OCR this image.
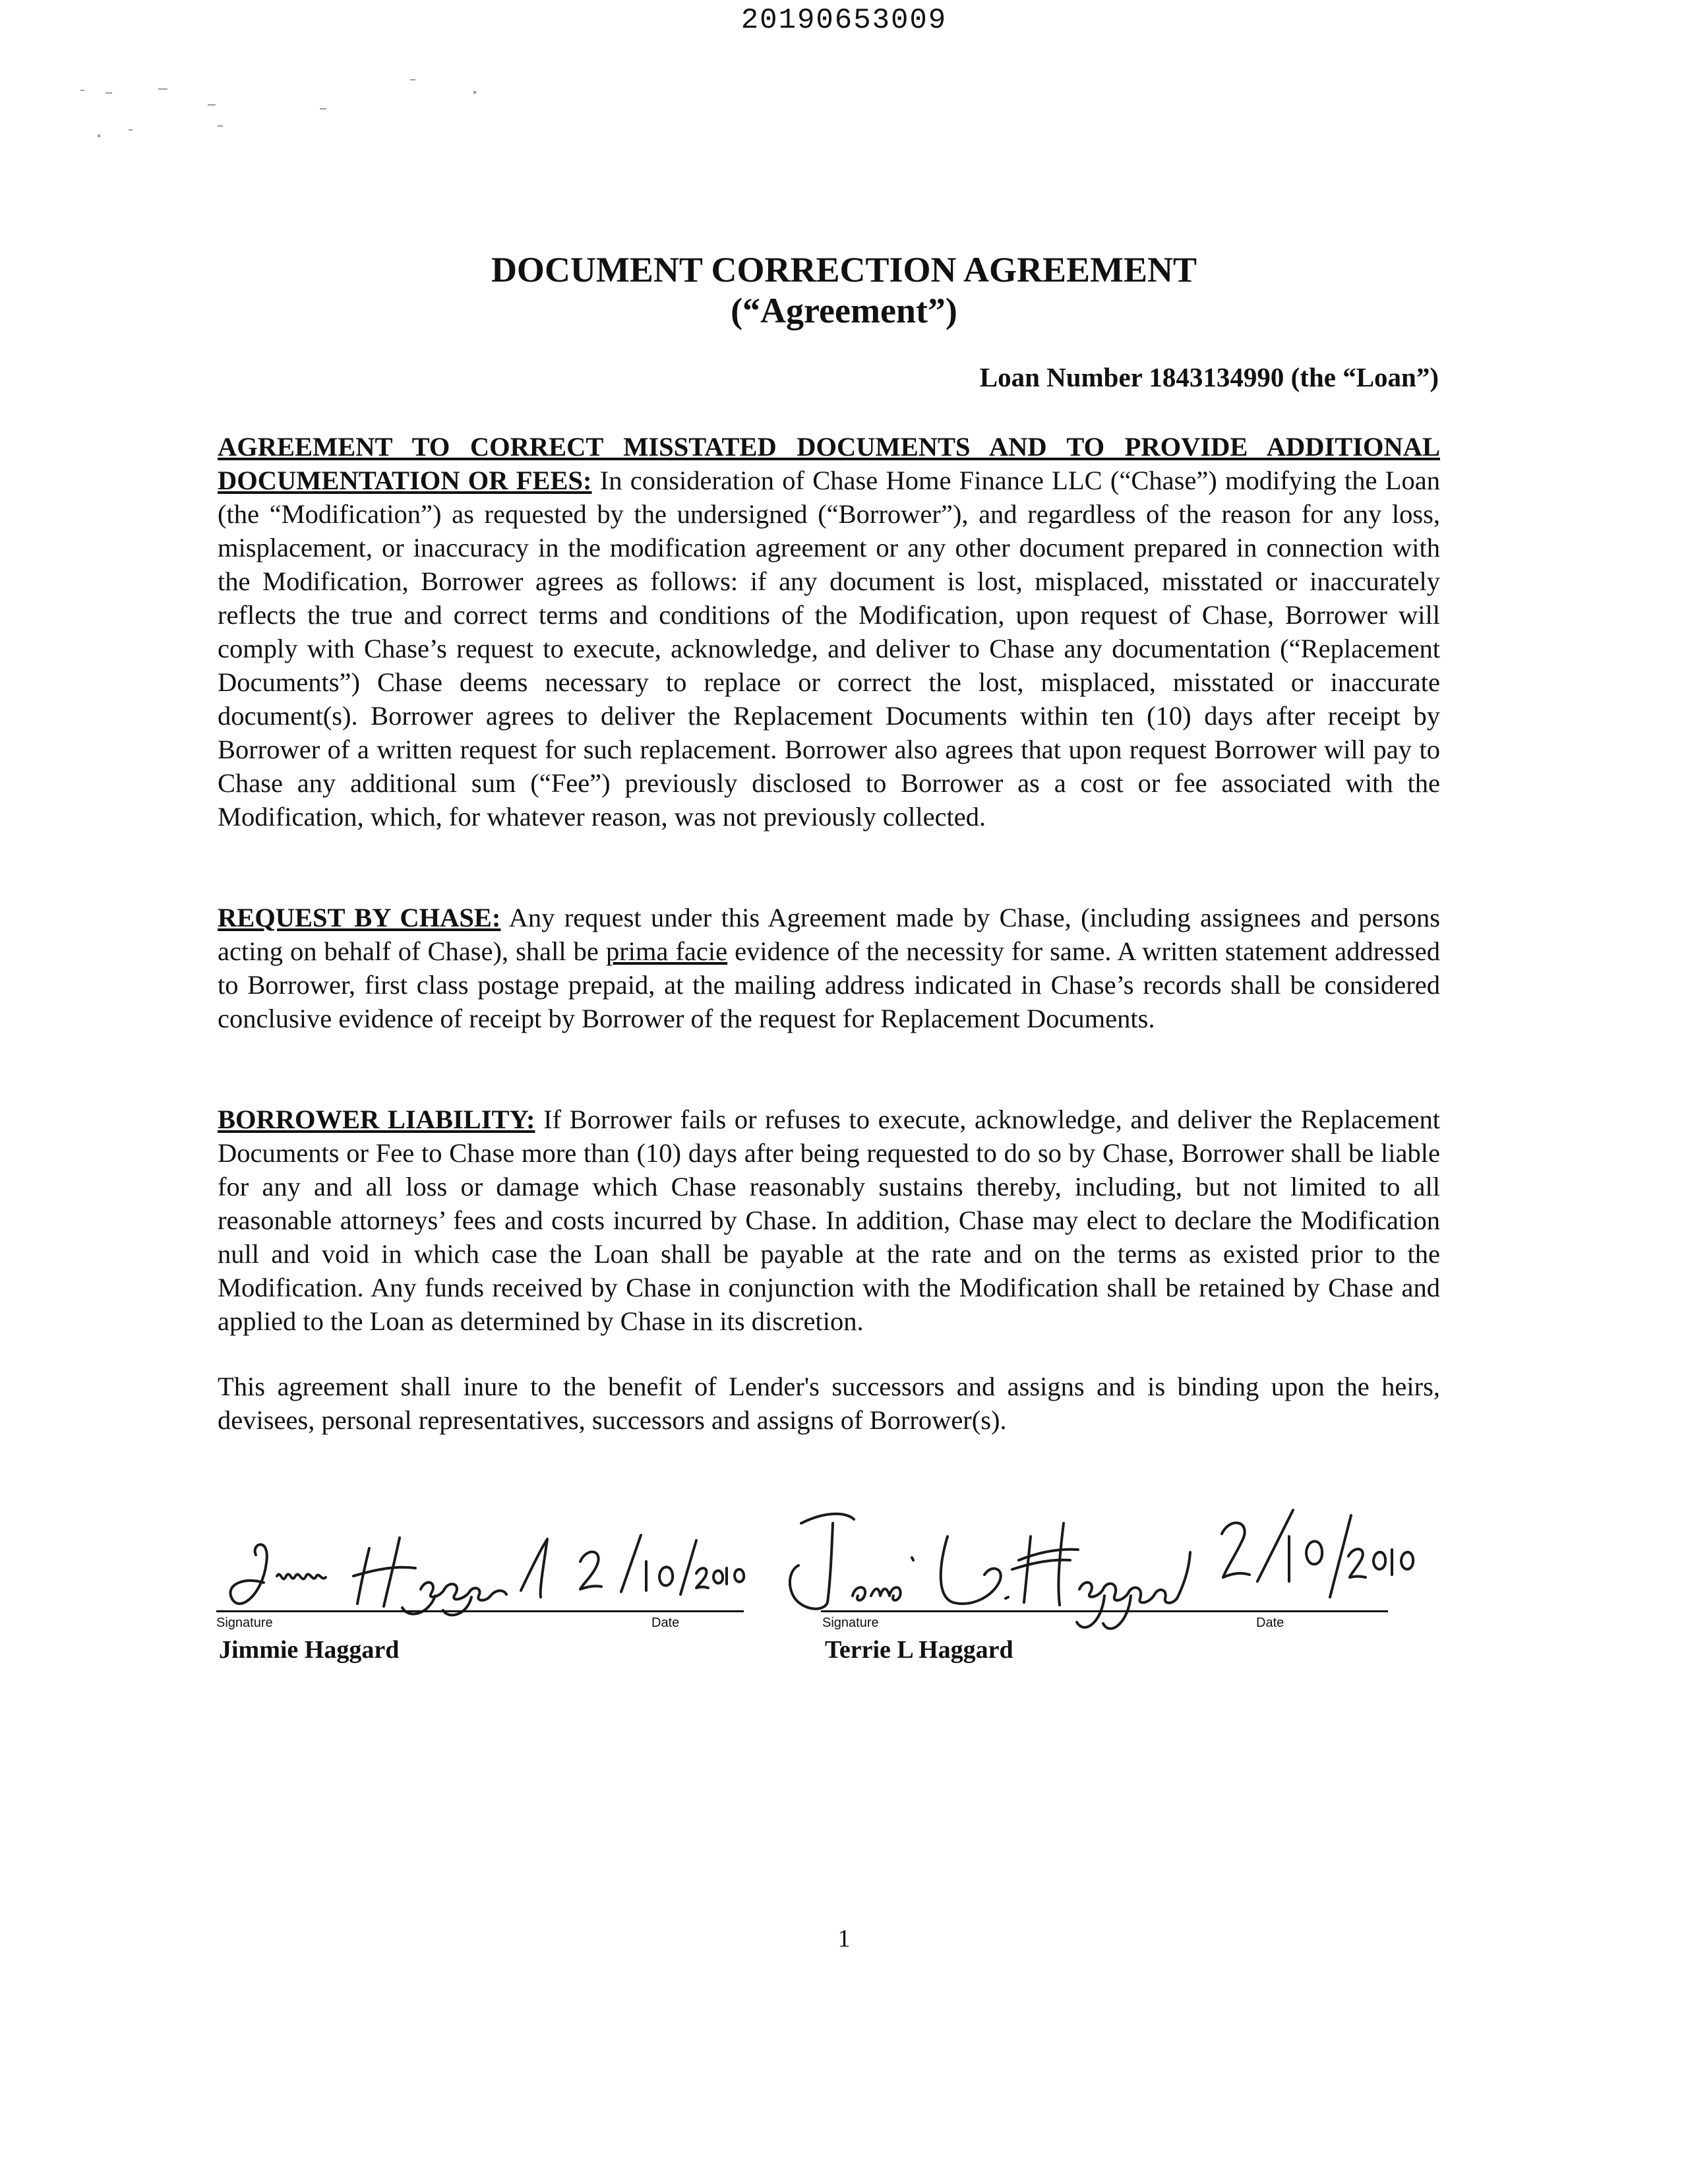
20190653009
DOCUMENT CORRECTION AGREEMENT
(“Agreement”)
Loan Number 1843134990 (the “Loan”)
AGREEMENT TO CORRECT MISSTATED DOCUMENTS AND TO PROVIDE ADDITIONAL DOCUMENTATION OR FEES: In consideration of Chase Home Finance LLC (“Chase”) modifying the Loan (the “Modification”) as requested by the undersigned (“Borrower”), and regardless of the reason for any loss, misplacement, or inaccuracy in the modification agreement or any other document prepared in connection with the Modification, Borrower agrees as follows: if any document is lost, misplaced, misstated or inaccurately reflects the true and correct terms and conditions of the Modification, upon request of Chase, Borrower will comply with Chase’s request to execute, acknowledge, and deliver to Chase any documentation (“Replacement Documents”) Chase deems necessary to replace or correct the lost, misplaced, misstated or inaccurate document(s). Borrower agrees to deliver the Replacement Documents within ten (10) days after receipt by Borrower of a written request for such replacement. Borrower also agrees that upon request Borrower will pay to Chase any additional sum (“Fee”) previously disclosed to Borrower as a cost or fee associated with the Modification, which, for whatever reason, was not previously collected.
REQUEST BY CHASE: Any request under this Agreement made by Chase, (including assignees and persons acting on behalf of Chase), shall be prima facie evidence of the necessity for same. A written statement addressed to Borrower, first class postage prepaid, at the mailing address indicated in Chase’s records shall be considered conclusive evidence of receipt by Borrower of the request for Replacement Documents.
BORROWER LIABILITY: If Borrower fails or refuses to execute, acknowledge, and deliver the Replacement Documents or Fee to Chase more than (10) days after being requested to do so by Chase, Borrower shall be liable for any and all loss or damage which Chase reasonably sustains thereby, including, but not limited to all reasonable attorneys’ fees and costs incurred by Chase. In addition, Chase may elect to declare the Modification null and void in which case the Loan shall be payable at the rate and on the terms as existed prior to the Modification. Any funds received by Chase in conjunction with the Modification shall be retained by Chase and applied to the Loan as determined by Chase in its discretion.
This agreement shall inure to the benefit of Lender's successors and assigns and is binding upon the heirs, devisees, personal representatives, successors and assigns of Borrower(s).
Signature	Date
Jimmie Haggard
Signature	Date
Terrie L Haggard
1
